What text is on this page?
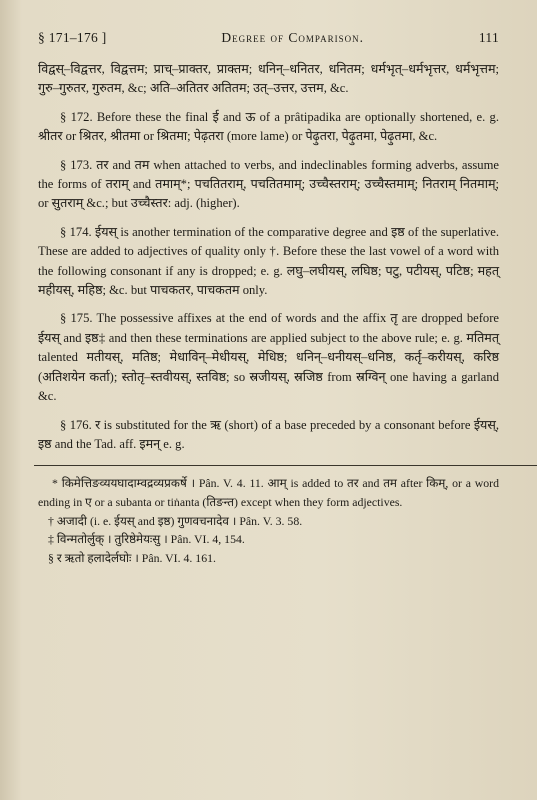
§ 171–176 ]	Degree of Comparison.	111

विद्वस्–विद्वत्तर, विद्वत्तम; प्राच्–प्राक्तर, प्राक्तम; धनिन्–धनितर, धनितम; धर्मभृत्–धर्मभृत्तर, धर्मभृत्तम; गुरु–गुरुतर, गुरुतम, &c; अति–अतितर अतितम; उत्–उत्तर, उत्तम, &c.

§ 172. Before these the final ई and ऊ of a prâtipadika are optionally shortened, e. g. श्रीतर or श्रितर, श्रीतमा or श्रितमा; पेढ़तरा (more lame) or पेढ़ुतरा, पेढ़ुतमा, पेढ़ुतमा, &c.

§ 173. तर and तम when attached to verbs, and indeclinables forming adverbs, assume the forms of तराम् and तमाम्*; पचतितराम्, पचतितमाम्; उच्चैस्तराम्; उच्चैस्तमाम्; नितराम् नितमाम्; or सुतराम् &c.; but उच्चैस्तर: adj. (higher).

§ 174. ईयस् is another termination of the comparative degree and इष्ठ of the superlative. These are added to adjectives of quality only †. Before these the last vowel of a word with the following consonant if any is dropped; e. g. लघु–लघीयस्, लघिष्ठ; पटु, पटीयस्, पटिष्ठ; महत् महीयस्, महिष्ठ; &c. but पाचकतर, पाचकतम only.

§ 175. The possessive affixes at the end of words and the affix तृ are dropped before ईयस् and इष्ठ‡ and then these terminations are applied subject to the above rule; e. g. मतिमत् talented मतीयस्, मतिष्ठ; मेधाविन्–मेधीयस्, मेधिष्ठ; धनिन्–धनीयस्–धनिष्ठ, कर्तृ–करीयस्, करिष्ठ (अतिशयेन कर्ता); स्तोतृ–स्तवीयस्, स्तविष्ठ; so स्रजीयस्, स्रजिष्ठ from स्रग्विन् one having a garland &c.

§ 176. र is substituted for the ऋ (short) of a base preceded by a consonant before ईयस्, इष्ठ and the Tad. aff. इमन् e. g.

* किमेत्तिङव्ययघादाम्वद्रव्यप्रकर्षे । Pân. V. 4. 11. आम् is added to तर and तम after किम्, or a word ending in ए or a subanta or tiṅanta (तिङन्त) except when they form adjectives.

† अजादी (i. e. ईयस् and इष्ठ) गुणवचनादेव । Pân. V. 3. 58.

‡ विन्मतोर्लुक् । तुरिष्ठेमेयःसु । Pân. VI. 4, 154.

§ र ऋतो हलादेर्लघोः । Pân. VI. 4. 161.
